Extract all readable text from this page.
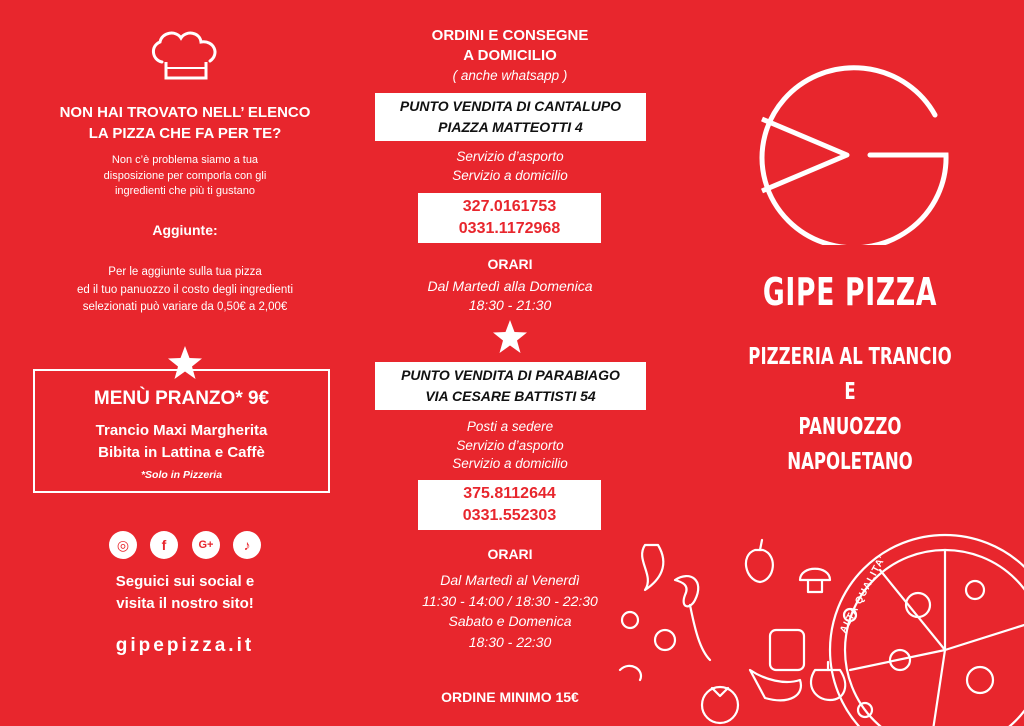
NON HAI TROVATO NELL’ ELENCO
LA PIZZA CHE FA PER TE?
Non c’è problema siamo a tua
disposizione per comporla con gli
ingredienti che più ti gustano
Aggiunte:
Per le aggiunte sulla tua pizza
ed il tuo panuozzo il costo degli ingredienti
selezionati può variare da 0,50€ a 2,00€
MENÙ PRANZO* 9€
Trancio Maxi Margherita
Bibita in Lattina e Caffè
*Solo in Pizzeria
◎	f	G+	♪
Seguici sui social e
visita il nostro sito!
gipepizza.it
ORDINI E CONSEGNE
A DOMICILIO
( anche whatsapp )
PUNTO VENDITA DI CANTALUPO
PIAZZA MATTEOTTI 4
Servizio d’asporto
Servizio a domicilio
327.0161753
0331.1172968
ORARI
Dal Martedì alla Domenica
18:30 - 21:30
PUNTO VENDITA DI PARABIAGO
VIA CESARE BATTISTI 54
Posti a sedere
Servizio d’asporto
Servizio a domicilio
375.8112644
0331.552303
ORARI
Dal Martedì al Venerdì
11:30 - 14:00 / 18:30 - 22:30
Sabato e Domenica
18:30 - 22:30
ORDINE MINIMO 15€
GIPE PIZZA
PIZZERIA AL TRANCIO E
PANUOZZO NAPOLETANO
ALTA QUALITA’
